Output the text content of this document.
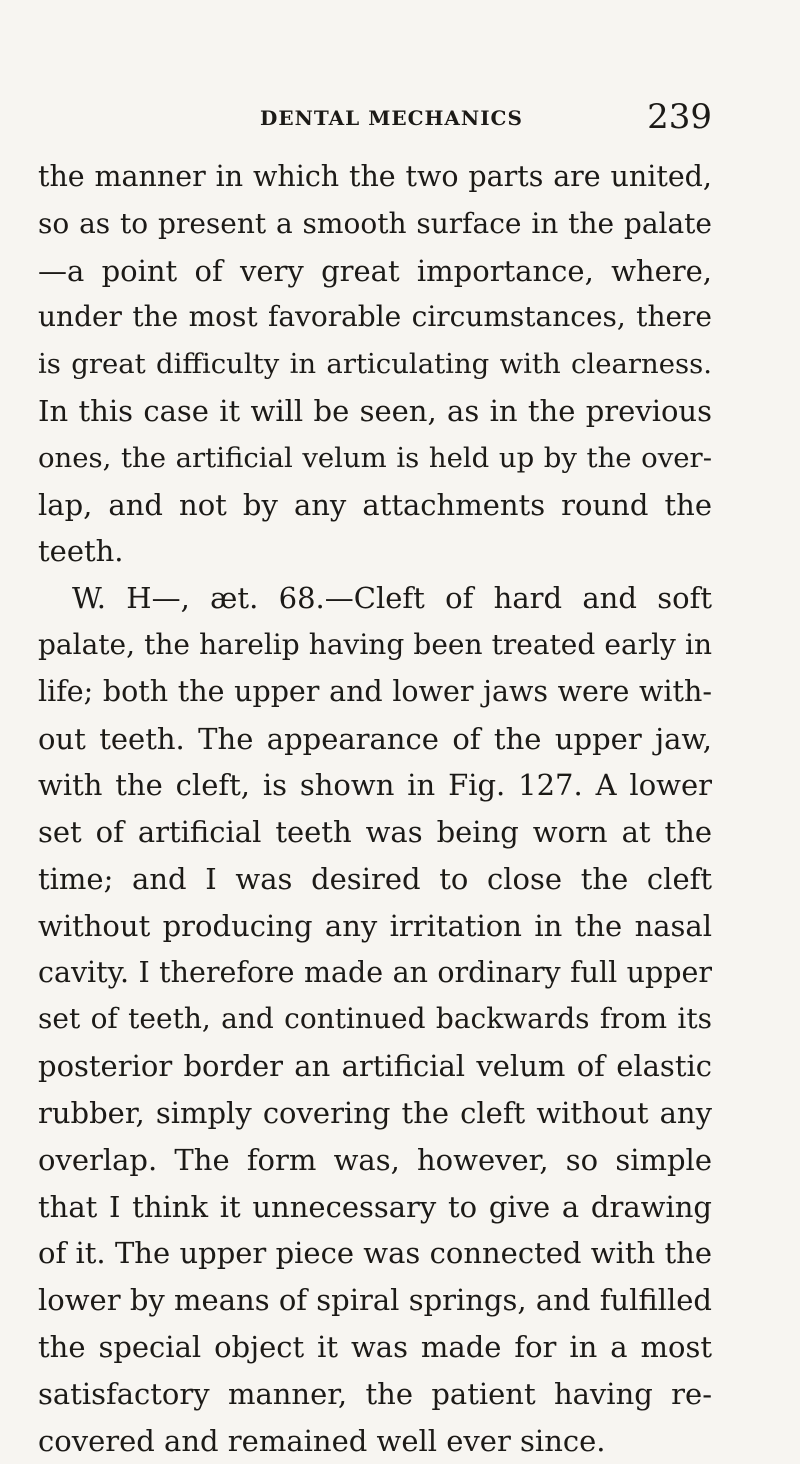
DENTAL MECHANICS	239
the manner in which the two parts are united,
so as to present a smooth surface in the palate
—a point of very great importance, where,
under the most favorable circumstances, there
is great difficulty in articulating with clearness.
In this case it will be seen, as in the previous
ones, the artificial velum is held up by the over-
lap, and not by any attachments round the
teeth.
W. H—, æt. 68.—Cleft of hard and soft
palate, the harelip having been treated early in
life; both the upper and lower jaws were with-
out teeth. The appearance of the upper jaw,
with the cleft, is shown in Fig. 127. A lower
set of artificial teeth was being worn at the
time; and I was desired to close the cleft
without producing any irritation in the nasal
cavity. I therefore made an ordinary full upper
set of teeth, and continued backwards from its
posterior border an artificial velum of elastic
rubber, simply covering the cleft without any
overlap. The form was, however, so simple
that I think it unnecessary to give a drawing
of it. The upper piece was connected with the
lower by means of spiral springs, and fulfilled
the special object it was made for in a most
satisfactory manner, the patient having re-
covered and remained well ever since.
